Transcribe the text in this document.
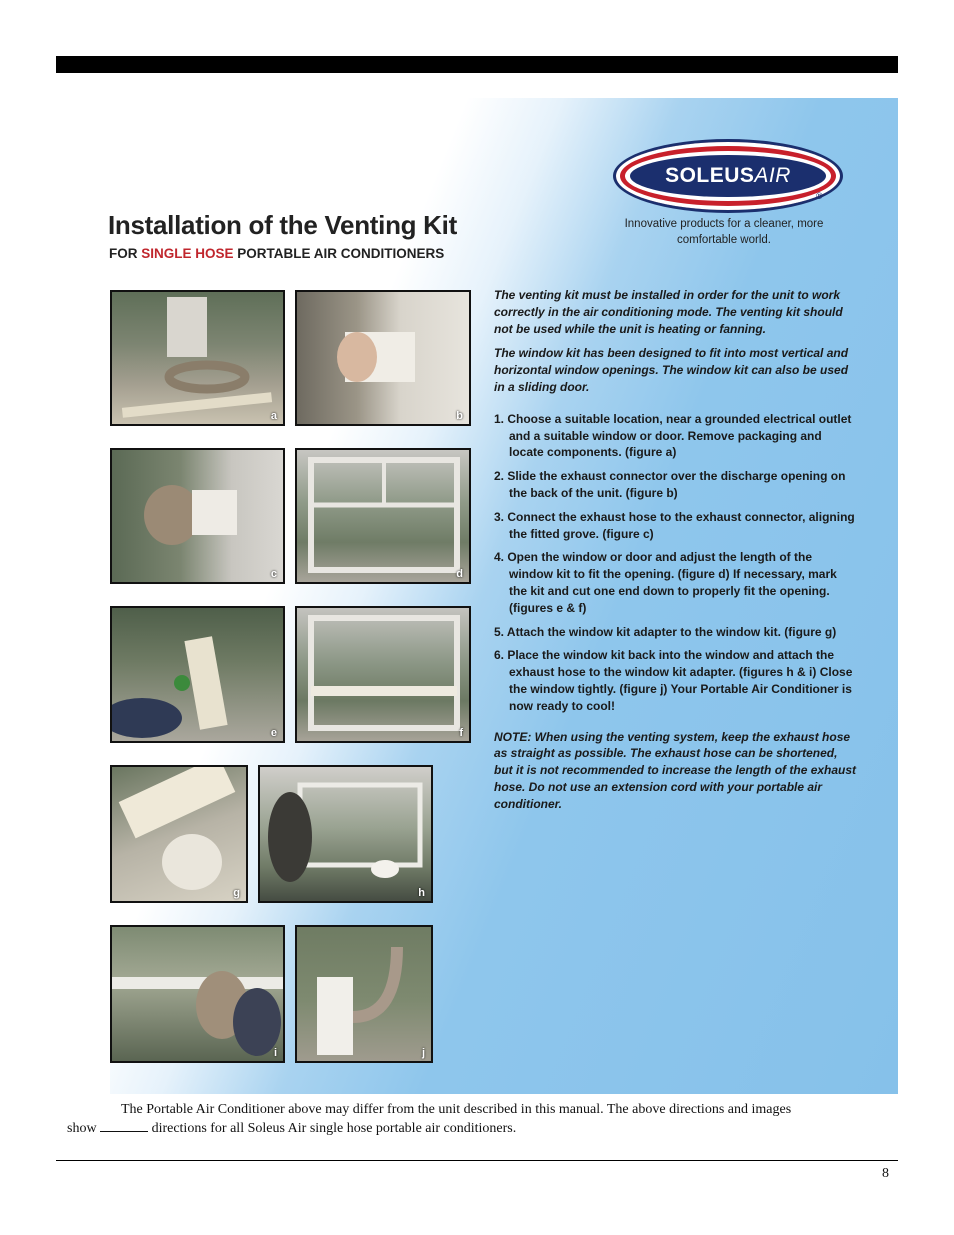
SOLEUS AIR
®
Innovative products for a cleaner, more comfortable world.
Installation of the Venting Kit
FOR SINGLE HOSE PORTABLE AIR CONDITIONERS
a	b
c	d
e	f
g	h
i	j

The venting kit must be installed in order for the unit to work correctly in the air conditioning mode. The venting kit should not be used while the unit is heating or fanning.

The window kit has been designed to fit into most vertical and horizontal window openings. The window kit can also be used in a sliding door.

1. Choose a suitable location, near a grounded electrical outlet and a suitable window or door. Remove packaging and locate components. (figure a)
2. Slide the exhaust connector over the discharge opening on the back of the unit. (figure b)
3. Connect the exhaust hose to the exhaust connector, aligning the fitted grove. (figure c)
4. Open the window or door and adjust the length of the window kit to fit the opening. (figure d) If necessary, mark the kit and cut one end down to properly fit the opening. (figures e & f)
5. Attach the window kit adapter to the window kit. (figure g)
6. Place the window kit back into the window and attach the exhaust hose to the window kit adapter. (figures h & i) Close the window tightly. (figure j) Your Portable Air Conditioner is now ready to cool!

NOTE: When using the venting system, keep the exhaust hose as straight as possible. The exhaust hose can be shortened, but it is not recommended to increase the length of the exhaust hose. Do not use an extension cord with your portable air conditioner.

The Portable Air Conditioner above may differ from the unit described in this manual. The above directions and images
show	directions for all Soleus Air single hose portable air conditioners.
8
